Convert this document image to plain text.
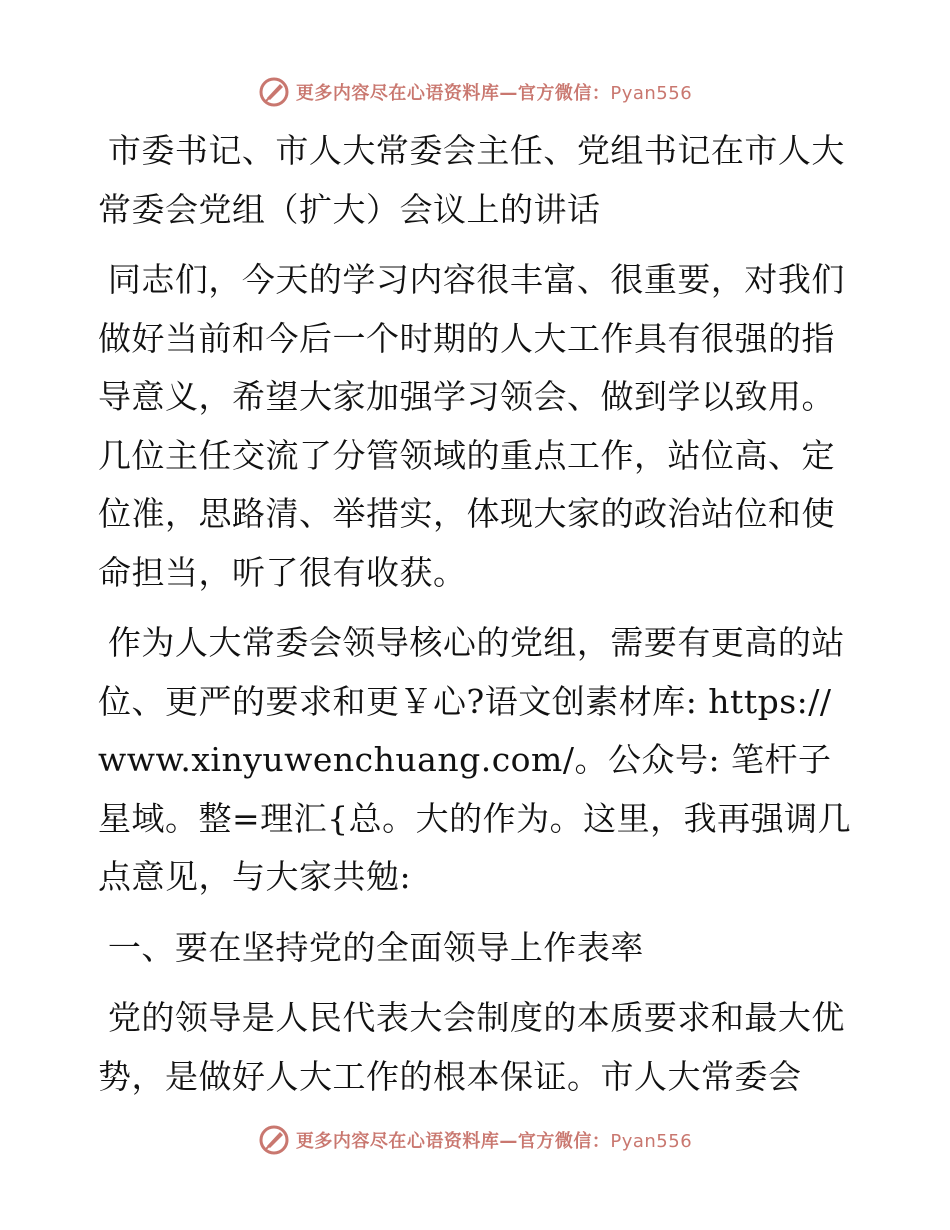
更多内容尽在心语资料库—官方微信：Pyan556

市委书记、市人大常委会主任、党组书记在市人大常委会党组（扩大）会议上的讲话

同志们，今天的学习内容很丰富、很重要，对我们做好当前和今后一个时期的人大工作具有很强的指导意义，希望大家加强学习领会、做到学以致用。几位主任交流了分管领域的重点工作，站位高、定位准，思路清、举措实，体现大家的政治站位和使命担当，听了很有收获。

作为人大常委会领导核心的党组，需要有更高的站位、更严的要求和更￥心?语文创素材库: https://www.xinyuwenchuang.com/。公众号: 笔杆子星域。整=理汇{总。大的作为。这里，我再强调几点意见，与大家共勉:

一、要在坚持党的全面领导上作表率

党的领导是人民代表大会制度的本质要求和最大优势，是做好人大工作的根本保证。市人大常委会

更多内容尽在心语资料库—官方微信：Pyan556
